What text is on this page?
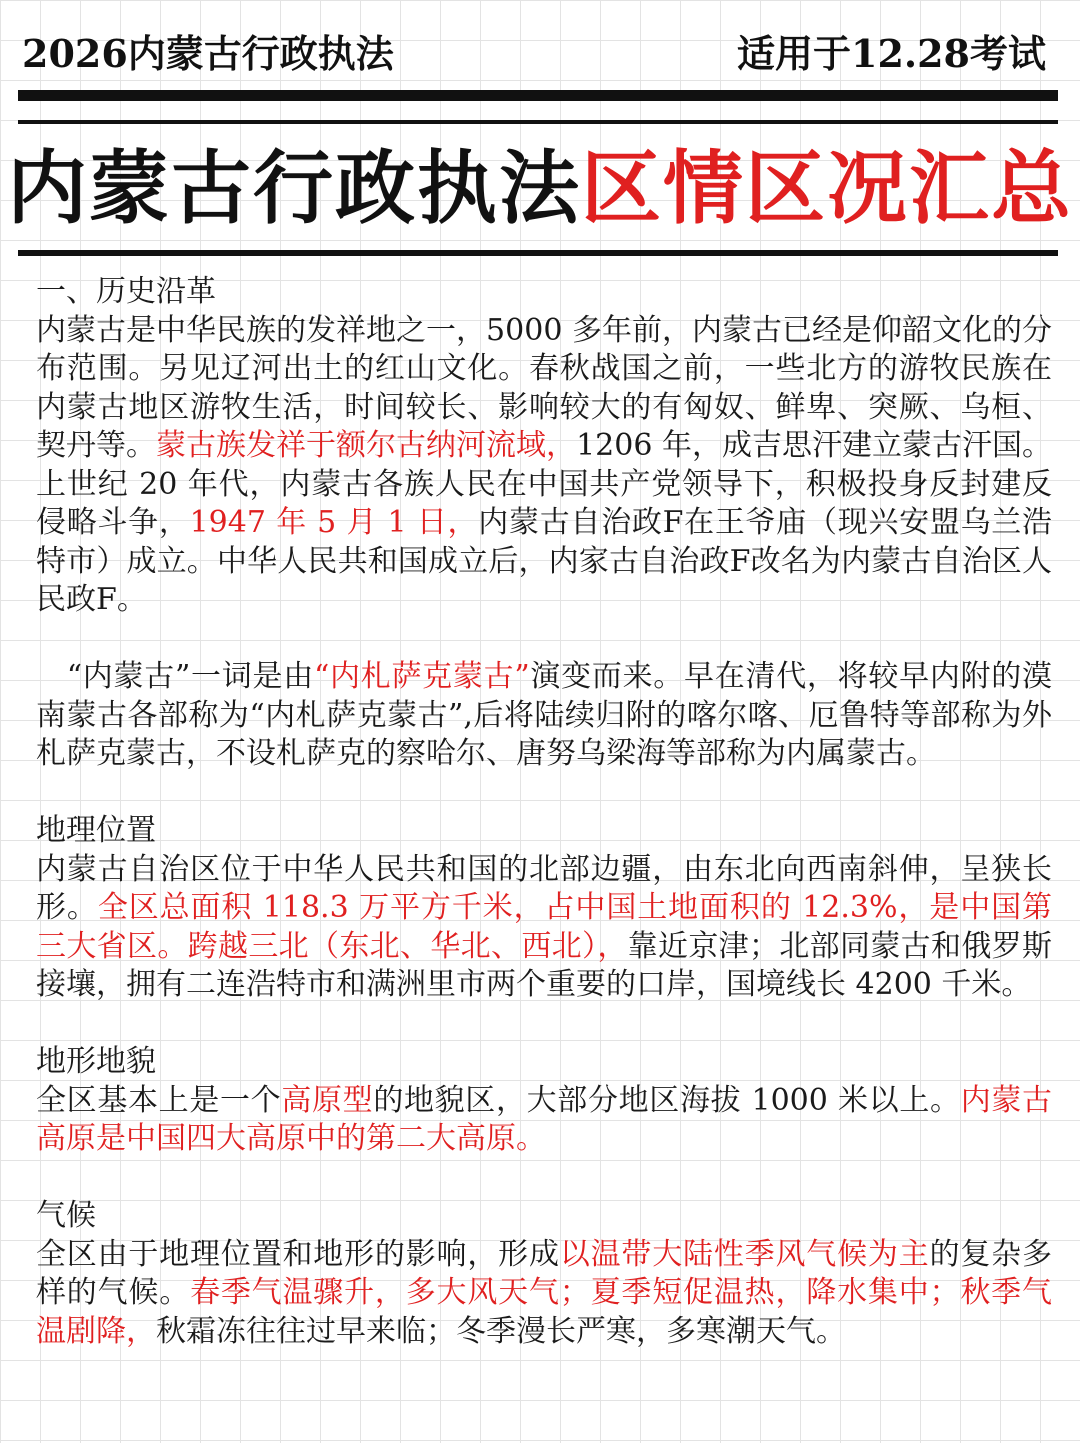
2026内蒙古行政执法	适用于12.28考试
内蒙古行政执法区情区况汇总
一、历史沿革

内蒙古是中华民族的发祥地之一，5000 多年前，内蒙古已经是仰韶文化的分布范围。另见辽河出土的红山文化。春秋战国之前，一些北方的游牧民族在内蒙古地区游牧生活，时间较长、影响较大的有匈奴、鲜卑、突厥、乌桓、契丹等。蒙古族发祥于额尔古纳河流域，1206 年，成吉思汗建立蒙古汗国。上世纪 20 年代，内蒙古各族人民在中国共产党领导下，积极投身反封建反侵略斗争，1947 年 5 月 1 日，内蒙古自治政F在王爷庙（现兴安盟乌兰浩特市）成立。中华人民共和国成立后，内家古自治政F改名为内蒙古自治区人民政F。

　“内蒙古”一词是由“内札萨克蒙古”演变而来。早在清代，将较早内附的漠南蒙古各部称为“内札萨克蒙古”,后将陆续归附的喀尔喀、厄鲁特等部称为外札萨克蒙古，不设札萨克的察哈尔、唐努乌梁海等部称为内属蒙古。

地理位置

内蒙古自治区位于中华人民共和国的北部边疆，由东北向西南斜伸，呈狭长形。全区总面积 118.3 万平方千米，占中国土地面积的 12.3%，是中国第三大省区。跨越三北（东北、华北、西北），靠近京津；北部同蒙古和俄罗斯接壤，拥有二连浩特市和满洲里市两个重要的口岸，国境线长 4200 千米。

地形地貌

全区基本上是一个高原型的地貌区，大部分地区海拔 1000 米以上。内蒙古高原是中国四大高原中的第二大高原。

气候

全区由于地理位置和地形的影响，形成以温带大陆性季风气候为主的复杂多样的气候。春季气温骤升，多大风天气；夏季短促温热，降水集中；秋季气温剧降，秋霜冻往往过早来临；冬季漫长严寒，多寒潮天气。
